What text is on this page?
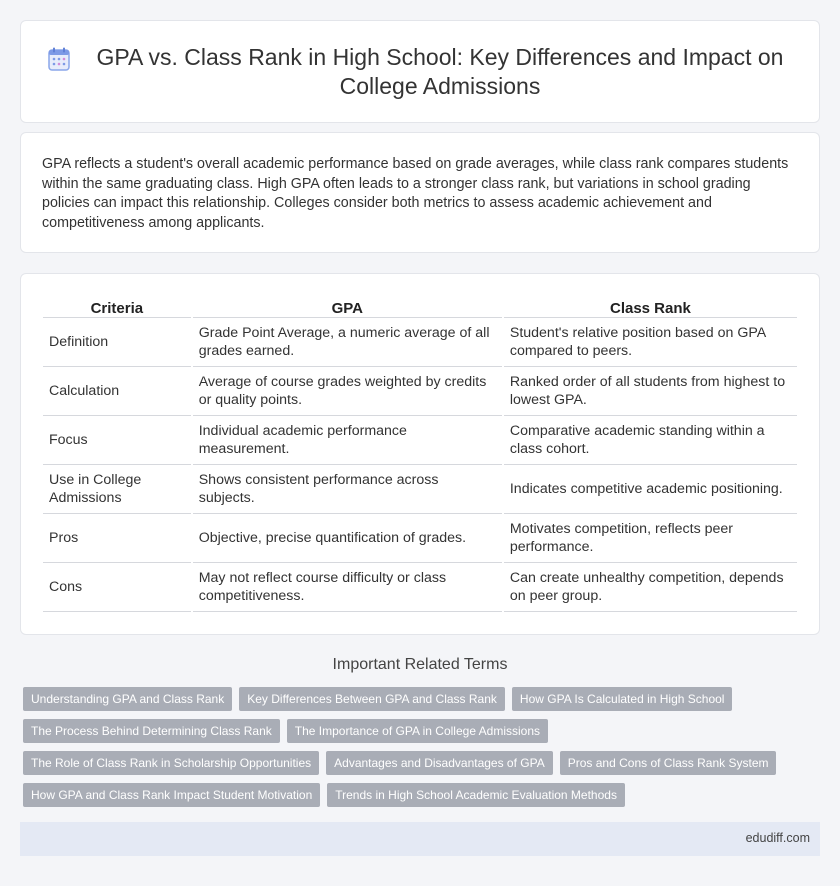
GPA vs. Class Rank in High School: Key Differences and Impact on College Admissions

GPA reflects a student's overall academic performance based on grade averages, while class rank compares students within the same graduating class. High GPA often leads to a stronger class rank, but variations in school grading policies can impact this relationship. Colleges consider both metrics to assess academic achievement and competitiveness among applicants.

Criteria	GPA	Class Rank
Definition	Grade Point Average, a numeric average of all grades earned.	Student's relative position based on GPA compared to peers.
Calculation	Average of course grades weighted by credits or quality points.	Ranked order of all students from highest to lowest GPA.
Focus	Individual academic performance measurement.	Comparative academic standing within a class cohort.
Use in College Admissions	Shows consistent performance across subjects.	Indicates competitive academic positioning.
Pros	Objective, precise quantification of grades.	Motivates competition, reflects peer performance.
Cons	May not reflect course difficulty or class competitiveness.	Can create unhealthy competition, depends on peer group.
Important Related Terms
Understanding GPA and Class Rank	Key Differences Between GPA and Class Rank	How GPA Is Calculated in High School
The Process Behind Determining Class Rank	The Importance of GPA in College Admissions
The Role of Class Rank in Scholarship Opportunities	Advantages and Disadvantages of GPA	Pros and Cons of Class Rank System
How GPA and Class Rank Impact Student Motivation	Trends in High School Academic Evaluation Methods
edudiff.com
